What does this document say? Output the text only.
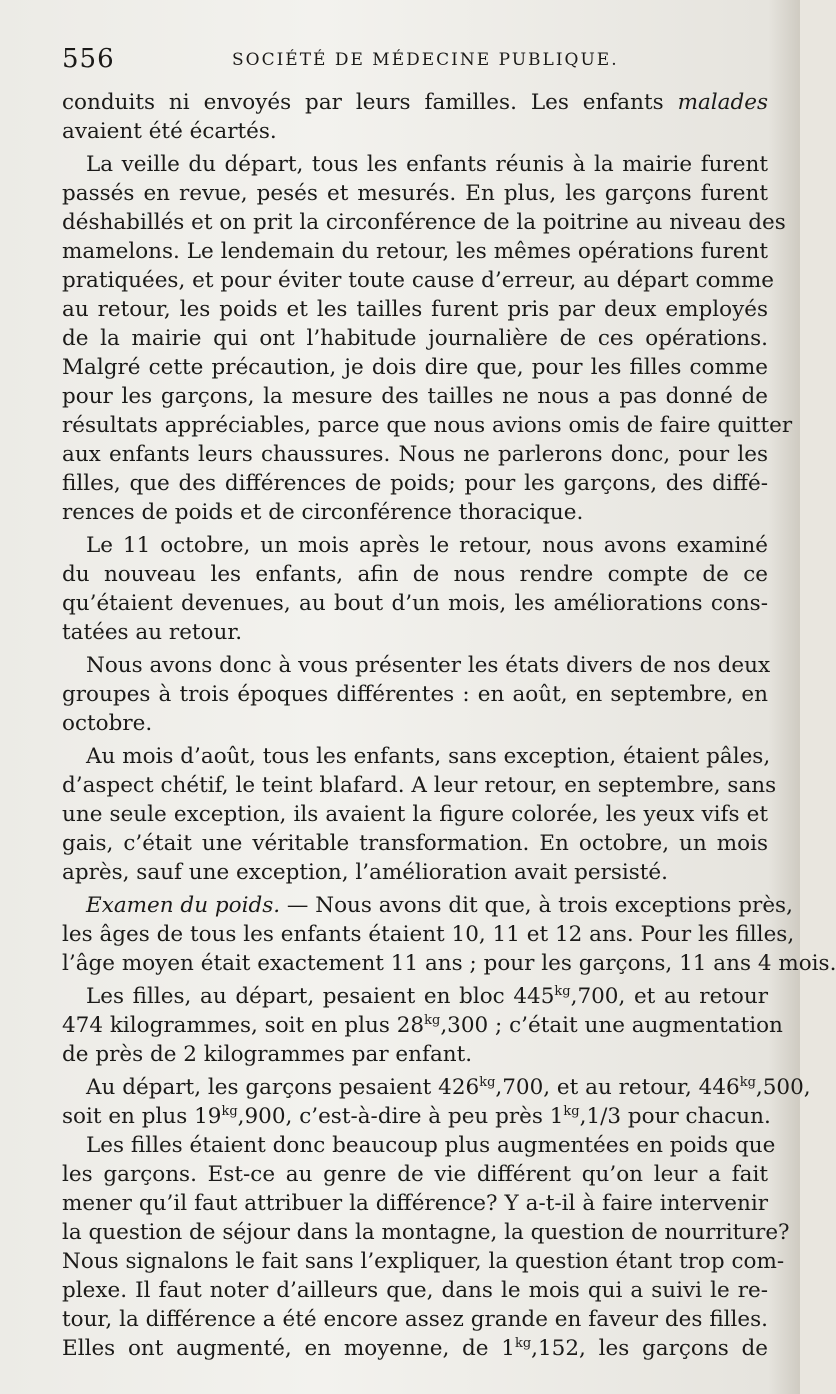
556	SOCIÉTÉ DE MÉDECINE PUBLIQUE.
conduits ni envoyés par leurs familles. Les enfants malades
avaient été écartés.
La veille du départ, tous les enfants réunis à la mairie furent
passés en revue, pesés et mesurés. En plus, les garçons furent
déshabillés et on prit la circonférence de la poitrine au niveau des
mamelons. Le lendemain du retour, les mêmes opérations furent
pratiquées, et pour éviter toute cause d’erreur, au départ comme
au retour, les poids et les tailles furent pris par deux employés
de la mairie qui ont l’habitude journalière de ces opérations.
Malgré cette précaution, je dois dire que, pour les filles comme
pour les garçons, la mesure des tailles ne nous a pas donné de
résultats appréciables, parce que nous avions omis de faire quitter
aux enfants leurs chaussures. Nous ne parlerons donc, pour les
filles, que des différences de poids; pour les garçons, des diffé-
rences de poids et de circonférence thoracique.
Le 11 octobre, un mois après le retour, nous avons examiné
du nouveau les enfants, afin de nous rendre compte de ce
qu’étaient devenues, au bout d’un mois, les améliorations cons-
tatées au retour.
Nous avons donc à vous présenter les états divers de nos deux
groupes à trois époques différentes : en août, en septembre, en
octobre.
Au mois d’août, tous les enfants, sans exception, étaient pâles,
d’aspect chétif, le teint blafard. A leur retour, en septembre, sans
une seule exception, ils avaient la figure colorée, les yeux vifs et
gais, c’était une véritable transformation. En octobre, un mois
après, sauf une exception, l’amélioration avait persisté.
Examen du poids. — Nous avons dit que, à trois exceptions près,
les âges de tous les enfants étaient 10, 11 et 12 ans. Pour les filles,
l’âge moyen était exactement 11 ans ; pour les garçons, 11 ans 4 mois.
Les filles, au départ, pesaient en bloc $445^{kg},700$, et au retour
474 kilogrammes, soit en plus $28^{kg},300$ ; c’était une augmentation
de près de 2 kilogrammes par enfant.
Au départ, les garçons pesaient $426^{kg},700$, et au retour, $446^{kg},500$,
soit en plus $19^{kg},900$, c’est-à-dire à peu près $1^{kg},1/3$ pour chacun.
Les filles étaient donc beaucoup plus augmentées en poids que
les garçons. Est-ce au genre de vie différent qu’on leur a fait
mener qu’il faut attribuer la différence? Y a-t-il à faire intervenir
la question de séjour dans la montagne, la question de nourriture?
Nous signalons le fait sans l’expliquer, la question étant trop com-
plexe. Il faut noter d’ailleurs que, dans le mois qui a suivi le re-
tour, la différence a été encore assez grande en faveur des filles.
Elles ont augmenté, en moyenne, de $1^{kg},152$, les garçons de
